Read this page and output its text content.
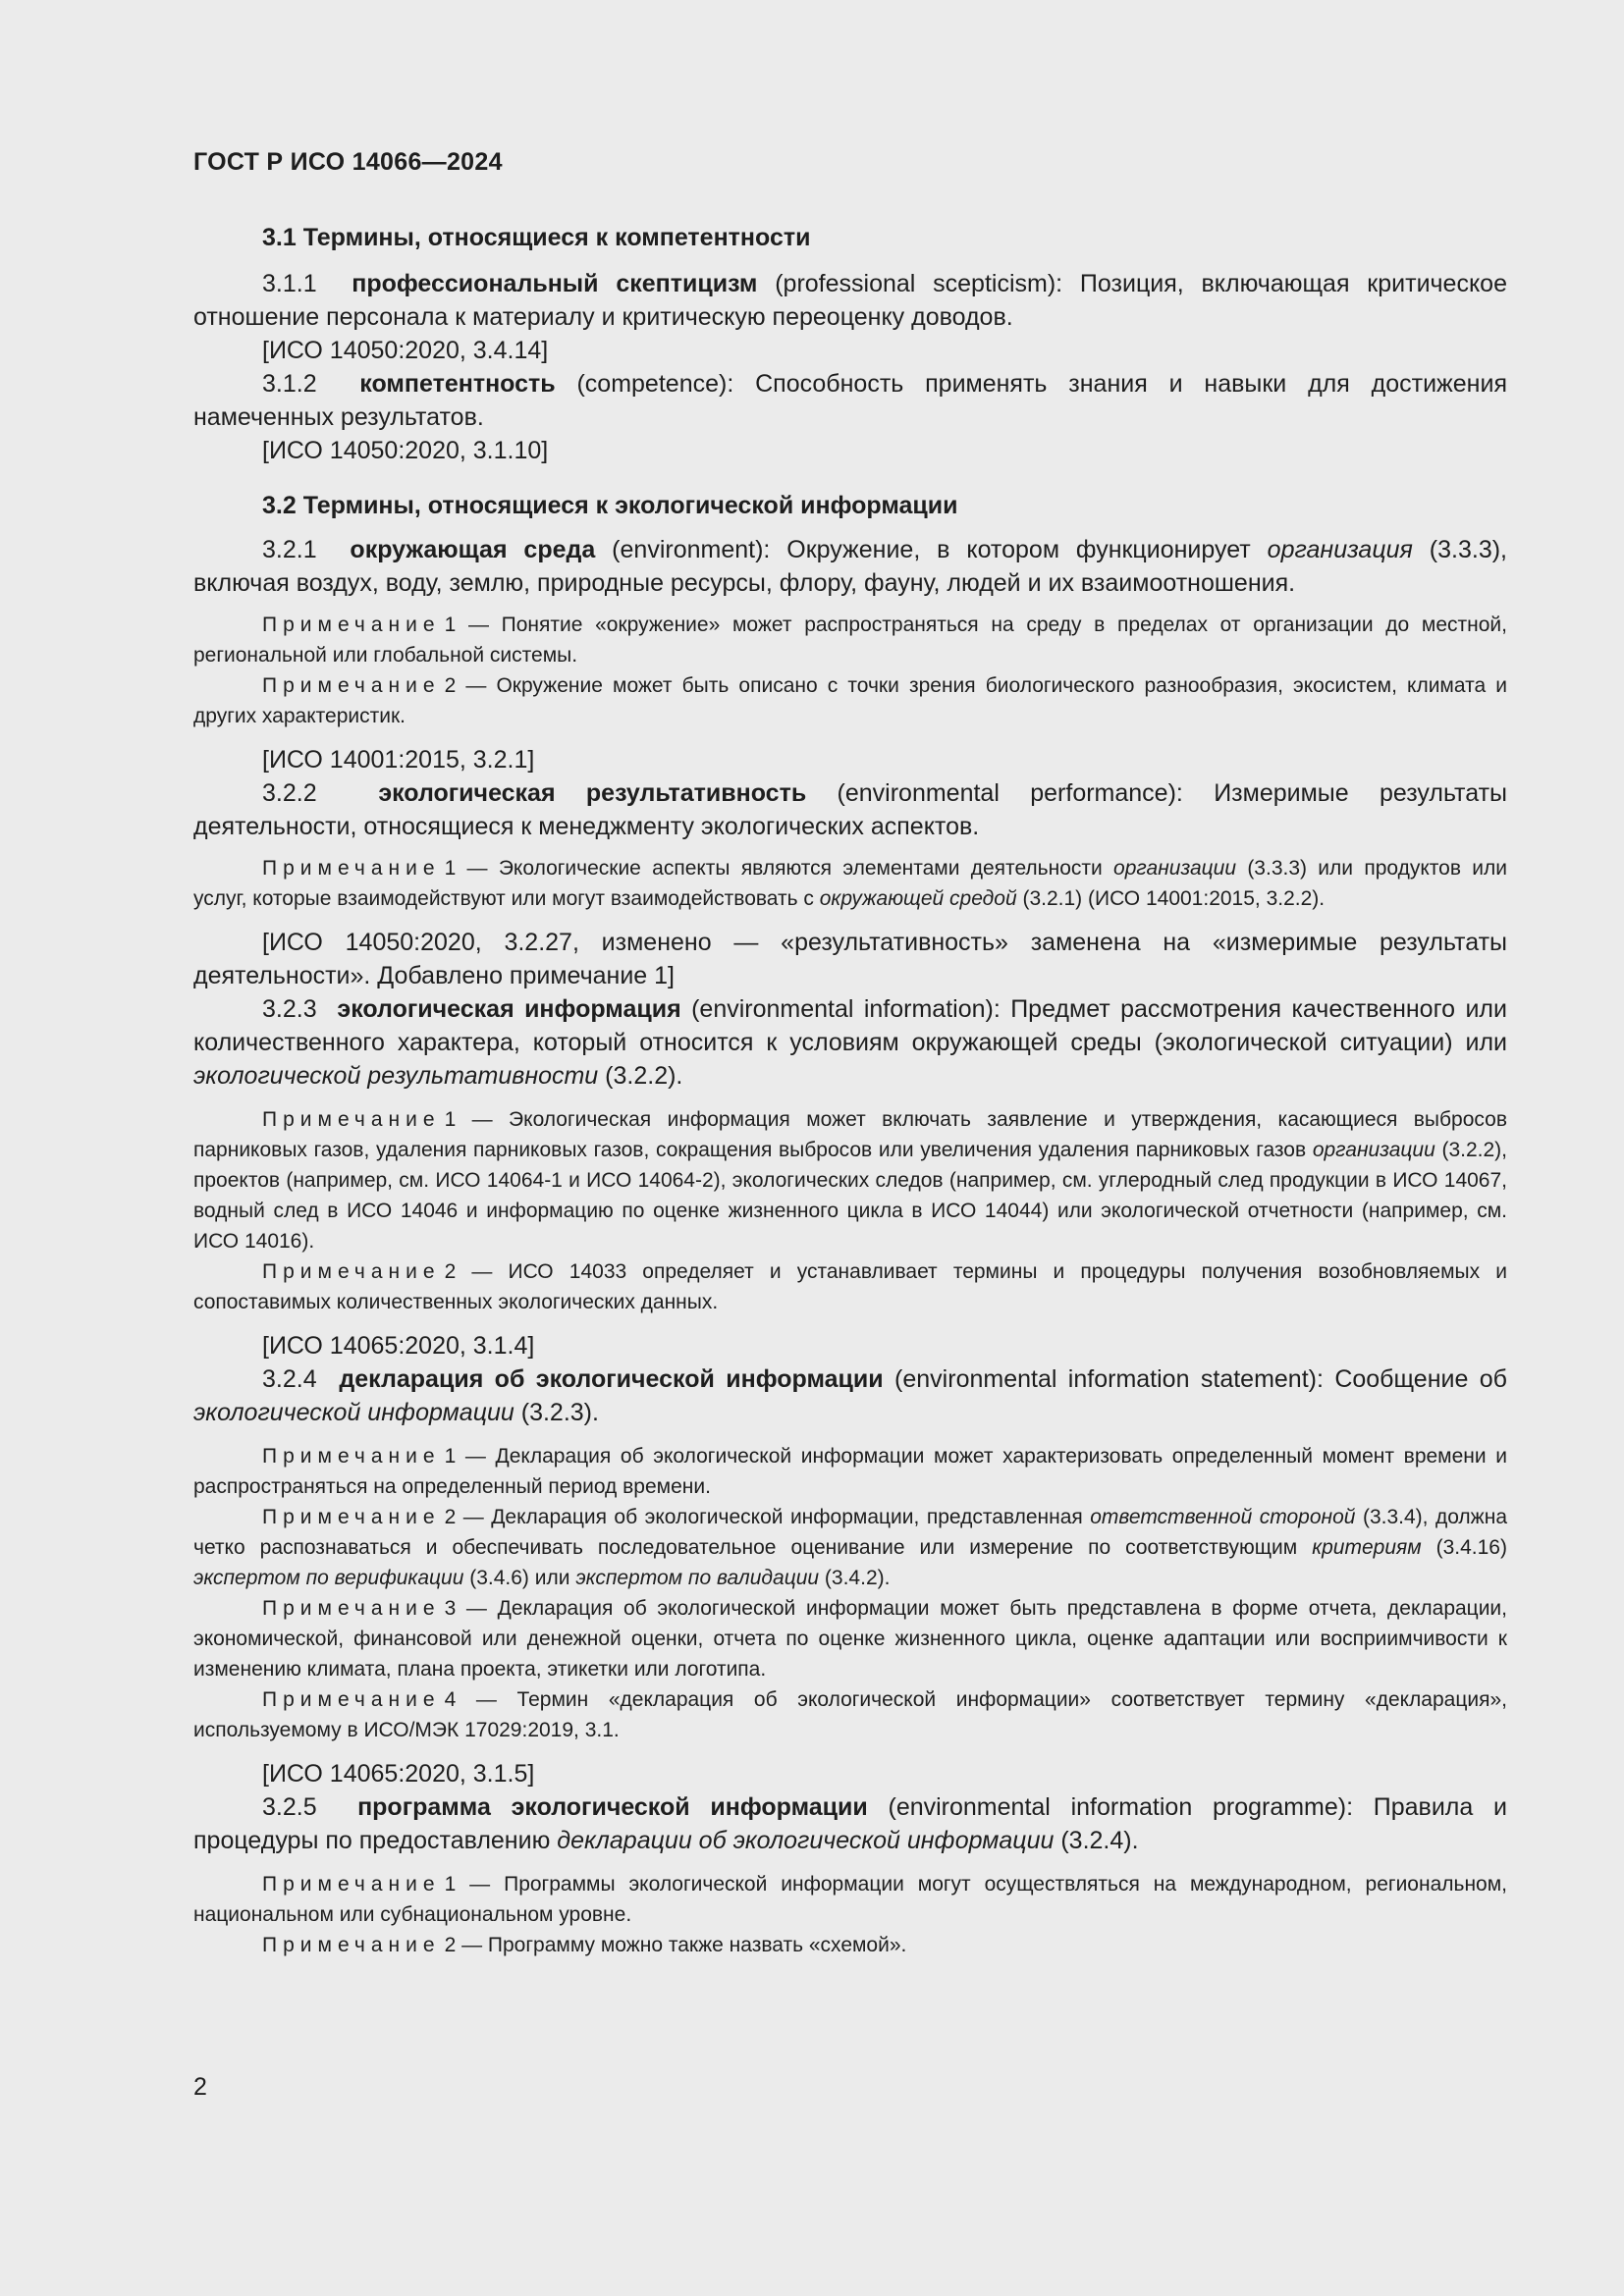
ГОСТ Р ИСО 14066—2024
3.1 Термины, относящиеся к компетентности
3.1.1 профессиональный скептицизм (professional scepticism): Позиция, включающая критическое отношение персонала к материалу и критическую переоценку доводов.
[ИСО 14050:2020, 3.4.14]
3.1.2 компетентность (competence): Способность применять знания и навыки для достижения намеченных результатов.
[ИСО 14050:2020, 3.1.10]
3.2 Термины, относящиеся к экологической информации
3.2.1 окружающая среда (environment): Окружение, в котором функционирует организация (3.3.3), включая воздух, воду, землю, природные ресурсы, флору, фауну, людей и их взаимоотношения.
Примечание 1 — Понятие «окружение» может распространяться на среду в пределах от организации до местной, региональной или глобальной системы.
Примечание 2 — Окружение может быть описано с точки зрения биологического разнообразия, экосистем, климата и других характеристик.
[ИСО 14001:2015, 3.2.1]
3.2.2	экологическая результативность (environmental performance): Измеримые результаты деятельности, относящиеся к менеджменту экологических аспектов.
Примечание 1 — Экологические аспекты являются элементами деятельности организации (3.3.3) или продуктов или услуг, которые взаимодействуют или могут взаимодействовать с окружающей средой (3.2.1) (ИСО 14001:2015, 3.2.2).
[ИСО 14050:2020, 3.2.27, изменено — «результативность» заменена на «измеримые результаты деятельности». Добавлено примечание 1]
3.2.3 экологическая информация (environmental information): Предмет рассмотрения качественного или количественного характера, который относится к условиям окружающей среды (экологической ситуации) или экологической результативности (3.2.2).
Примечание 1 — Экологическая информация может включать заявление и утверждения, касающиеся выбросов парниковых газов, удаления парниковых газов, сокращения выбросов или увеличения удаления парниковых газов организации (3.2.2), проектов (например, см. ИСО 14064-1 и ИСО 14064-2), экологических следов (например, см. углеродный след продукции в ИСО 14067, водный след в ИСО 14046 и информацию по оценке жизненного цикла в ИСО 14044) или экологической отчетности (например, см. ИСО 14016).
Примечание 2 — ИСО 14033 определяет и устанавливает термины и процедуры получения возобновляемых и сопоставимых количественных экологических данных.
[ИСО 14065:2020, 3.1.4]
3.2.4 декларация об экологической информации (environmental information statement): Сообщение об экологической информации (3.2.3).
Примечание 1 — Декларация об экологической информации может характеризовать определенный момент времени и распространяться на определенный период времени.
Примечание 2 — Декларация об экологической информации, представленная ответственной стороной (3.3.4), должна четко распознаваться и обеспечивать последовательное оценивание или измерение по соответствующим критериям (3.4.16) экспертом по верификации (3.4.6) или экспертом по валидации (3.4.2).
Примечание 3 — Декларация об экологической информации может быть представлена в форме отчета, декларации, экономической, финансовой или денежной оценки, отчета по оценке жизненного цикла, оценке адаптации или восприимчивости к изменению климата, плана проекта, этикетки или логотипа.
Примечание 4 — Термин «декларация об экологической информации» соответствует термину «декларация», используемому в ИСО/МЭК 17029:2019, 3.1.
[ИСО 14065:2020, 3.1.5]
3.2.5 программа экологической информации (environmental information programme): Правила и процедуры по предоставлению декларации об экологической информации (3.2.4).
Примечание 1 — Программы экологической информации могут осуществляться на международном, региональном, национальном или субнациональном уровне.
Примечание 2 — Программу можно также назвать «схемой».
2
